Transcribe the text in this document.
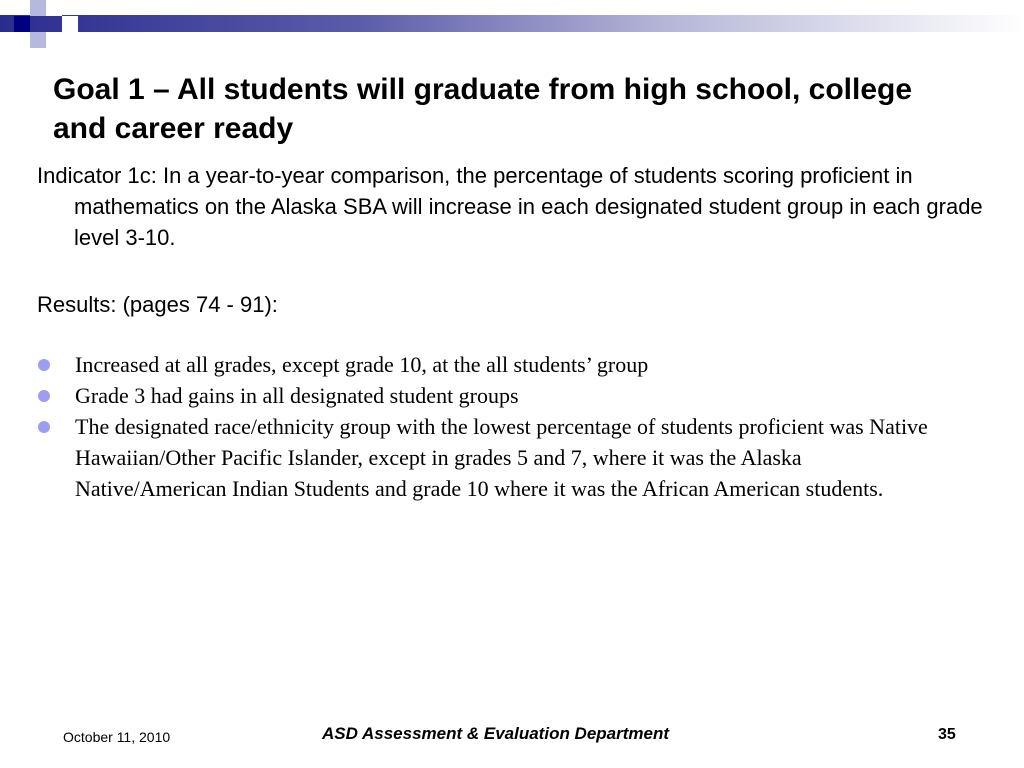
Goal 1 – All students will graduate from high school, college and career ready

Indicator 1c: In a year-to-year comparison, the percentage of students scoring proficient in mathematics on the Alaska SBA will increase in each designated student group in each grade level 3-10.

Results: (pages 74 - 91):

Increased at all grades, except grade 10, at the all students’ group
Grade 3 had gains in all designated student groups
The designated race/ethnicity group with the lowest percentage of students proficient was Native Hawaiian/Other Pacific Islander, except in grades 5 and 7, where it was the Alaska Native/American Indian Students and grade 10 where it was the African American students.
October 11, 2010	ASD Assessment & Evaluation Department	35
